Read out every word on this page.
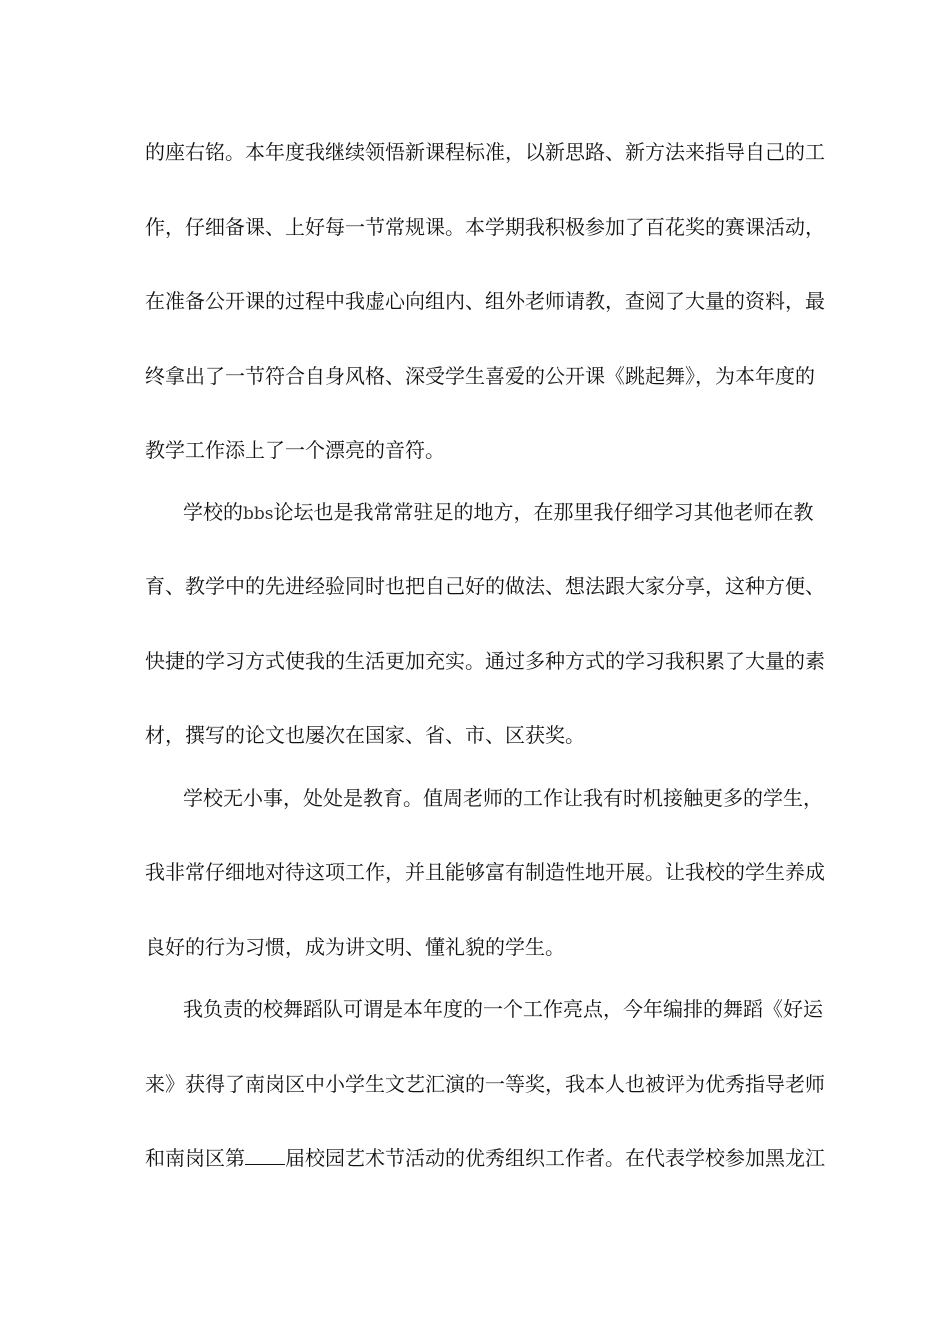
的座右铭。本年度我继续领悟新课程标准，以新思路、新方法来指导自己的工
作，仔细备课、上好每一节常规课。本学期我积极参加了百花奖的赛课活动，
在准备公开课的过程中我虚心向组内、组外老师请教，查阅了大量的资料，最
终拿出了一节符合自身风格、深受学生喜爱的公开课《跳起舞》，为本年度的
教学工作添上了一个漂亮的音符。
学校的bbs论坛也是我常常驻足的地方，在那里我仔细学习其他老师在教
育、教学中的先进经验同时也把自己好的做法、想法跟大家分享，这种方便、
快捷的学习方式使我的生活更加充实。通过多种方式的学习我积累了大量的素
材，撰写的论文也屡次在国家、省、市、区获奖。
学校无小事，处处是教育。值周老师的工作让我有时机接触更多的学生，
我非常仔细地对待这项工作，并且能够富有制造性地开展。让我校的学生养成
良好的行为习惯，成为讲文明、懂礼貌的学生。
我负责的校舞蹈队可谓是本年度的一个工作亮点，今年编排的舞蹈《好运
来》获得了南岗区中小学生文艺汇演的一等奖，我本人也被评为优秀指导老师
和南岗区第 届校园艺术节活动的优秀组织工作者。在代表学校参加黑龙江
